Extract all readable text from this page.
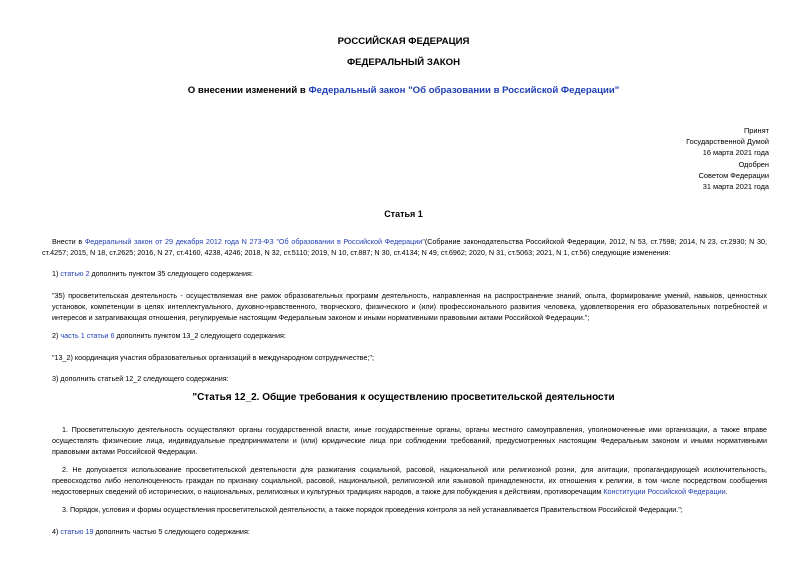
РОССИЙСКАЯ ФЕДЕРАЦИЯ
ФЕДЕРАЛЬНЫЙ ЗАКОН
О внесении изменений в Федеральный закон "Об образовании в Российской Федерации"
Принят
Государственной Думой
16 марта 2021 года
Одобрен
Советом Федерации
31 марта 2021 года
Статья 1
Внести в Федеральный закон от 29 декабря 2012 года N 273-ФЗ "Об образовании в Российской Федерации"(Собрание законодательства Российской Федерации, 2012, N 53, ст.7598; 2014, N 23, ст.2930; N 30, ст.4257; 2015, N 18, ст.2625; 2016, N 27, ст.4160, 4238, 4246; 2018, N 32, ст.5110; 2019, N 10, ст.887; N 30, ст.4134; N 49, ст.6962; 2020, N 31, ст.5063; 2021, N 1, ст.56) следующие изменения:
1) статью 2 дополнить пунктом 35 следующего содержания:
"35) просветительская деятельность - осуществляемая вне рамок образовательных программ деятельность, направленная на распространение знаний, опыта, формирование умений, навыков, ценностных установок, компетенции в целях интеллектуального, духовно-нравственного, творческого, физического и (или) профессионального развития человека, удовлетворения его образовательных потребностей и интересов и затрагивающая отношения, регулируемые настоящим Федеральным законом и иными нормативными правовыми актами Российской Федерации.";
2) часть 1 статьи 6 дополнить пунктом 13_2 следующего содержания:
"13_2) координация участия образовательных организаций в международном сотрудничестве;";
3) дополнить статьей 12_2 следующего содержания:
"Статья 12_2. Общие требования к осуществлению просветительской деятельности
1. Просветительскую деятельность осуществляют органы государственной власти, иные государственные органы, органы местного самоуправления, уполномоченные ими организации, а также вправе осуществлять физические лица, индивидуальные предприниматели и (или) юридические лица при соблюдении требований, предусмотренных настоящим Федеральным законом и иными нормативными правовыми актами Российской Федерации.
2. Не допускается использование просветительской деятельности для разжигания социальной, расовой, национальной или религиозной розни, для агитации, пропагандирующей исключительность, превосходство либо неполноценность граждан по признаку социальной, расовой, национальной, религиозной или языковой принадлежности, их отношения к религии, в том числе посредством сообщения недостоверных сведений об исторических, о национальных, религиозных и культурных традициях народов, а также для побуждения к действиям, противоречащим Конституции Российской Федерации.
3. Порядок, условия и формы осуществления просветительской деятельности, а также порядок проведения контроля за ней устанавливается Правительством Российской Федерации.";
4) статью 19 дополнить частью 5 следующего содержания:
